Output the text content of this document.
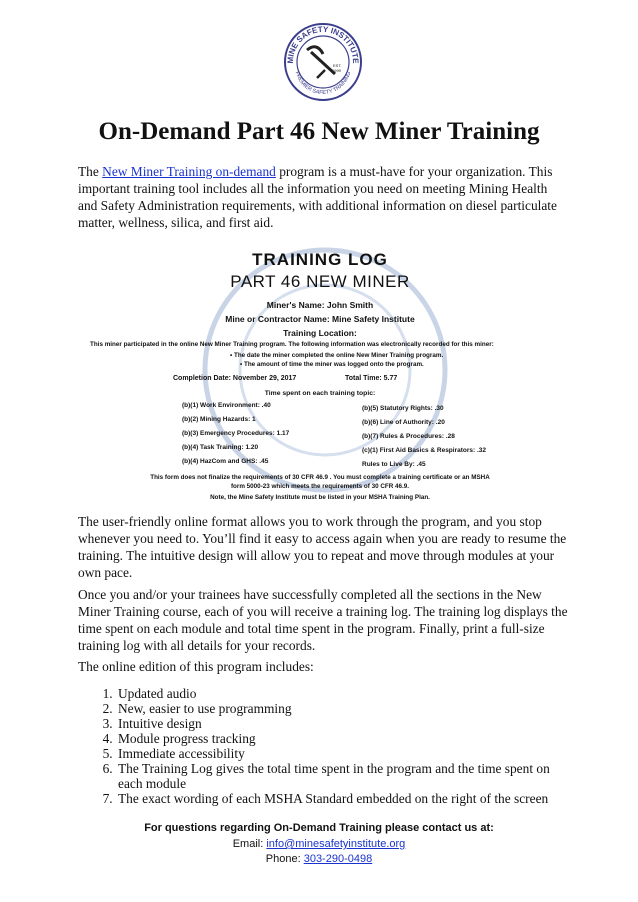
MINE SAFETY INSTITUTE
PREMIER SAFETY TRAINING
EST.
1999
On-Demand Part 46 New Miner Training

The New Miner Training on-demand program is a must-have for your organization. This important training tool includes all the information you need on meeting Mining Health and Safety Administration requirements, with additional information on diesel particulate matter, wellness, silica, and first aid.

TRAINING LOG
PART 46 NEW MINER
Miner's Name: John Smith
Mine or Contractor Name: Mine Safety Institute
Training Location:
This miner participated in the online New Miner Training program. The following information was electronically recorded for this miner:
• The date the miner completed the online New Miner Training program.
• The amount of time the miner was logged onto the program.
Completion Date: November 29, 2017	Total Time: 5.77
Time spent on each training topic:
(b)(1) Work Environment: .40
(b)(2) Mining Hazards: 1
(b)(3) Emergency Procedures: 1.17
(b)(4) Task Training: 1.20
(b)(4) HazCom and GHS: .45
(b)(5) Statutory Rights: .30
(b)(6) Line of Authority: .20
(b)(7) Rules & Procedures: .28
(c)(1) First Aid Basics & Respirators: .32
Rules to Live By: .45
This form does not finalize the requirements of 30 CFR 46.9 . You must complete a training certificate or an MSHA
form 5000-23 which meets the requirements of 30 CFR 46.9.
Note, the Mine Safety Institute must be listed in your MSHA Training Plan.

The user-friendly online format allows you to work through the program, and you stop whenever you need to. You’ll find it easy to access again when you are ready to resume the training. The intuitive design will allow you to repeat and move through modules at your own pace.

Once you and/or your trainees have successfully completed all the sections in the New Miner Training course, each of you will receive a training log. The training log displays the time spent on each module and total time spent in the program. Finally, print a full-size training log with all details for your records.

The online edition of this program includes:

1. Updated audio
2. New, easier to use programming
3. Intuitive design
4. Module progress tracking
5. Immediate accessibility
6. The Training Log gives the total time spent in the program and the time spent on each module
7. The exact wording of each MSHA Standard embedded on the right of the screen
For questions regarding On-Demand Training please contact us at:
Email: info@minesafetyinstitute.org
Phone: 303-290-0498
